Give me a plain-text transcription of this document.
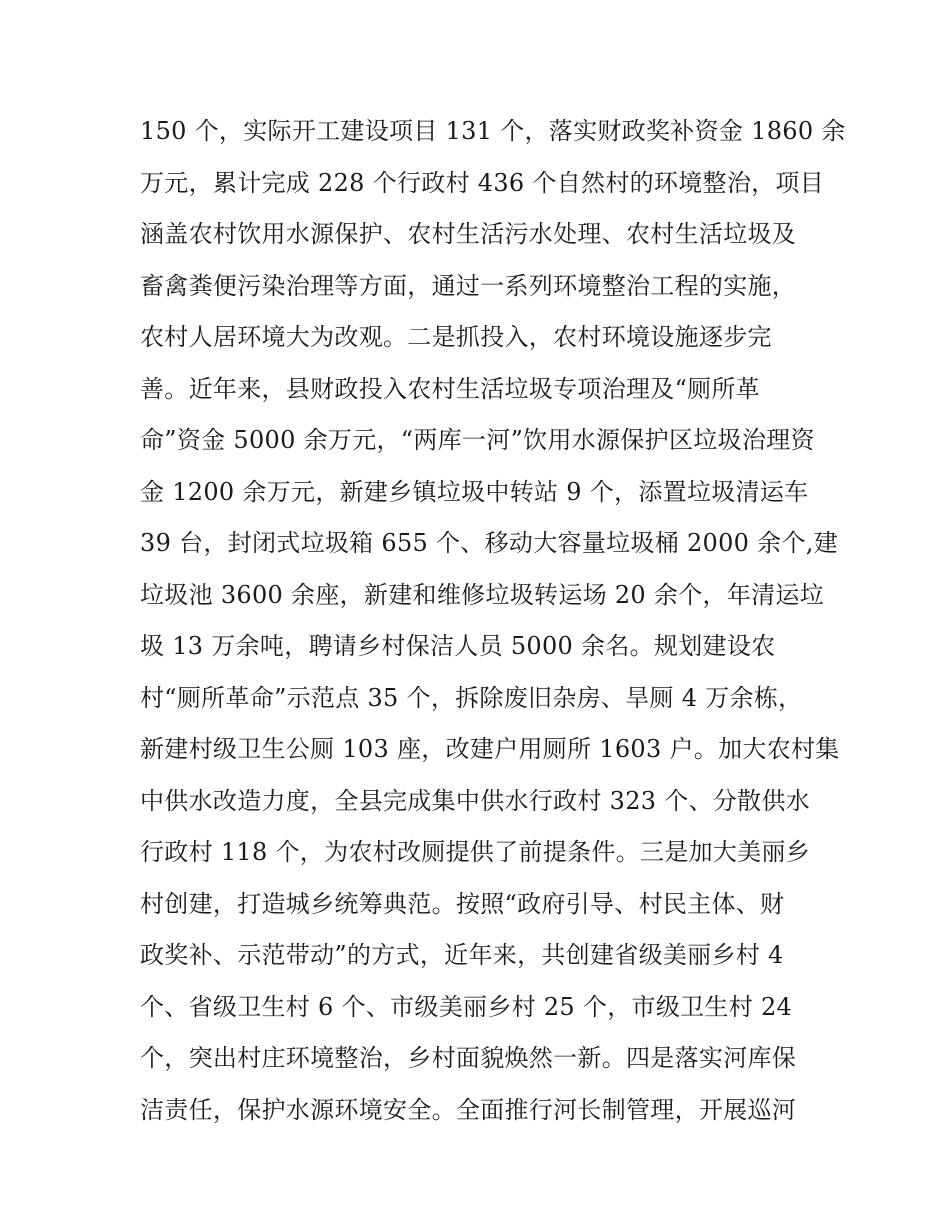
150 个，实际开工建设项目 131 个，落实财政奖补资金 1860 余
万元，累计完成 228 个行政村 436 个自然村的环境整治，项目
涵盖农村饮用水源保护、农村生活污水处理、农村生活垃圾及
畜禽粪便污染治理等方面，通过一系列环境整治工程的实施，
农村人居环境大为改观。二是抓投入，农村环境设施逐步完
善。近年来，县财政投入农村生活垃圾专项治理及“厕所革
命”资金 5000 余万元，“两库一河”饮用水源保护区垃圾治理资
金 1200 余万元，新建乡镇垃圾中转站 9 个，添置垃圾清运车
39 台，封闭式垃圾箱 655 个、移动大容量垃圾桶 2000 余个,建
垃圾池 3600 余座，新建和维修垃圾转运场 20 余个，年清运垃
圾 13 万余吨，聘请乡村保洁人员 5000 余名。规划建设农
村“厕所革命”示范点 35 个，拆除废旧杂房、旱厕 4 万余栋，
新建村级卫生公厕 103 座，改建户用厕所 1603 户。加大农村集
中供水改造力度，全县完成集中供水行政村 323 个、分散供水
行政村 118 个，为农村改厕提供了前提条件。三是加大美丽乡
村创建，打造城乡统筹典范。按照“政府引导、村民主体、财
政奖补、示范带动”的方式，近年来，共创建省级美丽乡村 4
个、省级卫生村 6 个、市级美丽乡村 25 个，市级卫生村 24
个，突出村庄环境整治，乡村面貌焕然一新。四是落实河库保
洁责任，保护水源环境安全。全面推行河长制管理，开展巡河
